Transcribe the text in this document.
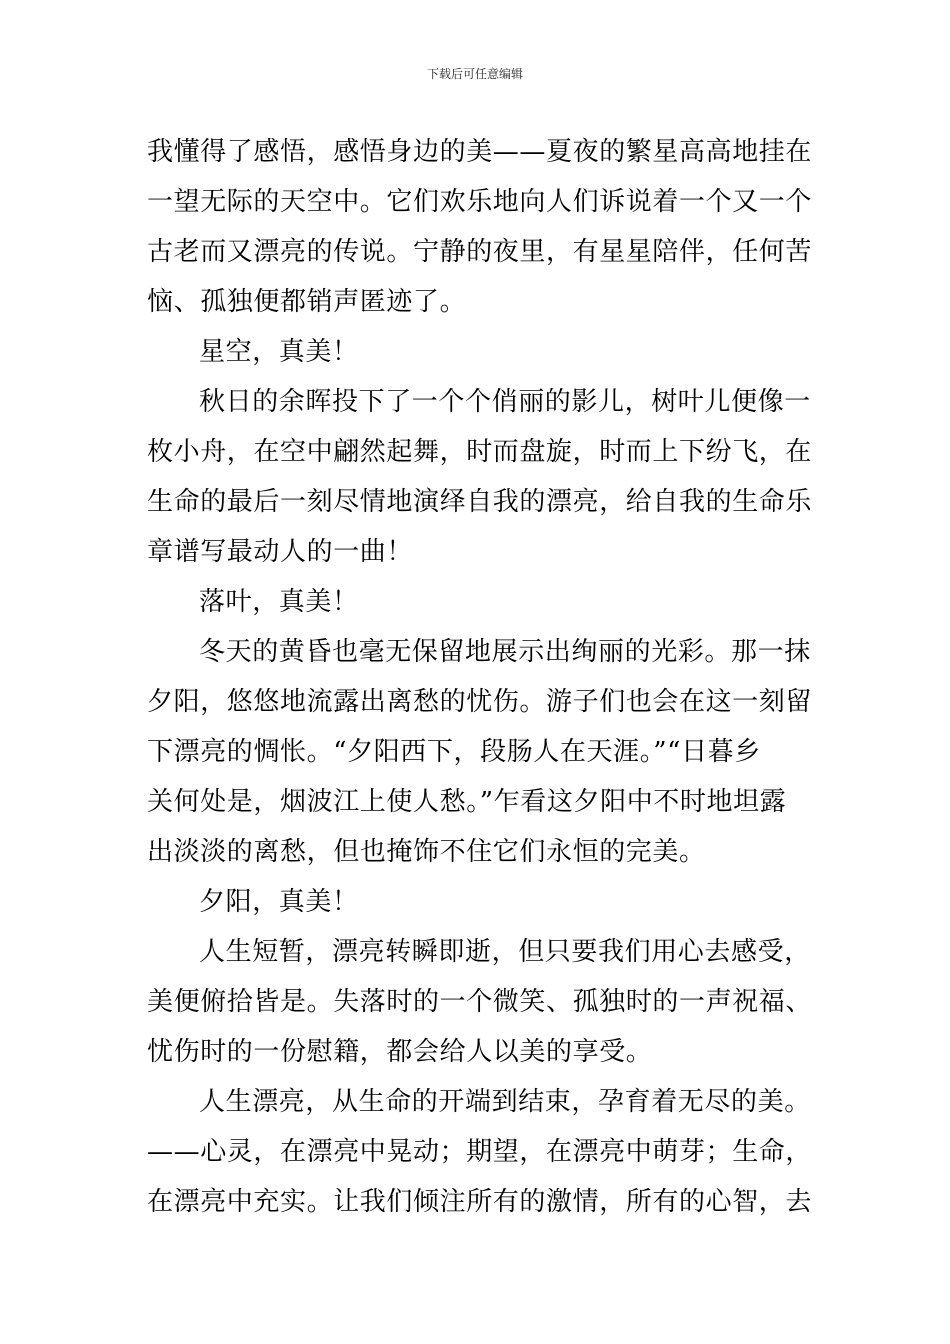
下载后可任意编辑
我懂得了感悟，感悟身边的美——夏夜的繁星高高地挂在
一望无际的天空中。它们欢乐地向人们诉说着一个又一个
古老而又漂亮的传说。宁静的夜里，有星星陪伴，任何苦
恼、孤独便都销声匿迹了。
星空，真美！
秋日的余晖投下了一个个俏丽的影儿，树叶儿便像一
枚小舟，在空中翩然起舞，时而盘旋，时而上下纷飞，在
生命的最后一刻尽情地演绎自我的漂亮，给自我的生命乐
章谱写最动人的一曲！
落叶，真美！
冬天的黄昏也毫无保留地展示出绚丽的光彩。那一抹
夕阳，悠悠地流露出离愁的忧伤。游子们也会在这一刻留
下漂亮的惆怅。“夕阳西下，段肠人在天涯。”“日暮乡
关何处是，烟波江上使人愁。”乍看这夕阳中不时地坦露
出淡淡的离愁，但也掩饰不住它们永恒的完美。
夕阳，真美！
人生短暂，漂亮转瞬即逝，但只要我们用心去感受，
美便俯拾皆是。失落时的一个微笑、孤独时的一声祝福、
忧伤时的一份慰籍，都会给人以美的享受。
人生漂亮，从生命的开端到结束，孕育着无尽的美。
——心灵，在漂亮中晃动；期望，在漂亮中萌芽；生命，
在漂亮中充实。让我们倾注所有的激情，所有的心智，去
